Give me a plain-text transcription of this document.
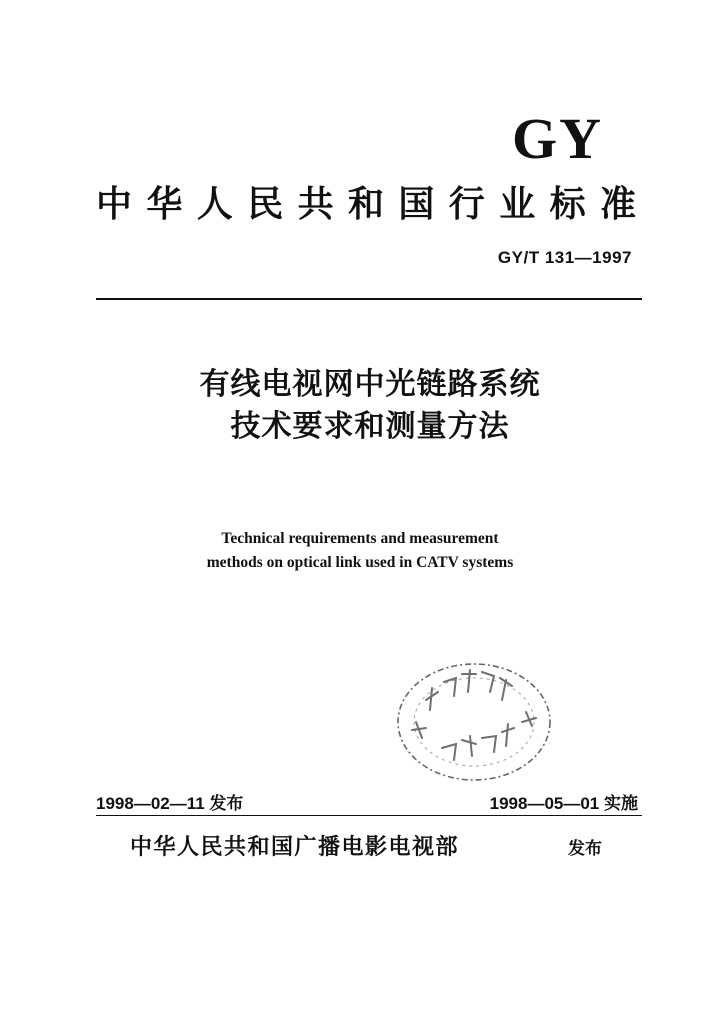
GY
中华人民共和国行业标准
GY/T 131—1997
有线电视网中光链路系统
技术要求和测量方法
Technical requirements and measurement
methods on optical link used in CATV systems
1998—02—11 发布	1998—05—01 实施
中华人民共和国广播电影电视部	发布
